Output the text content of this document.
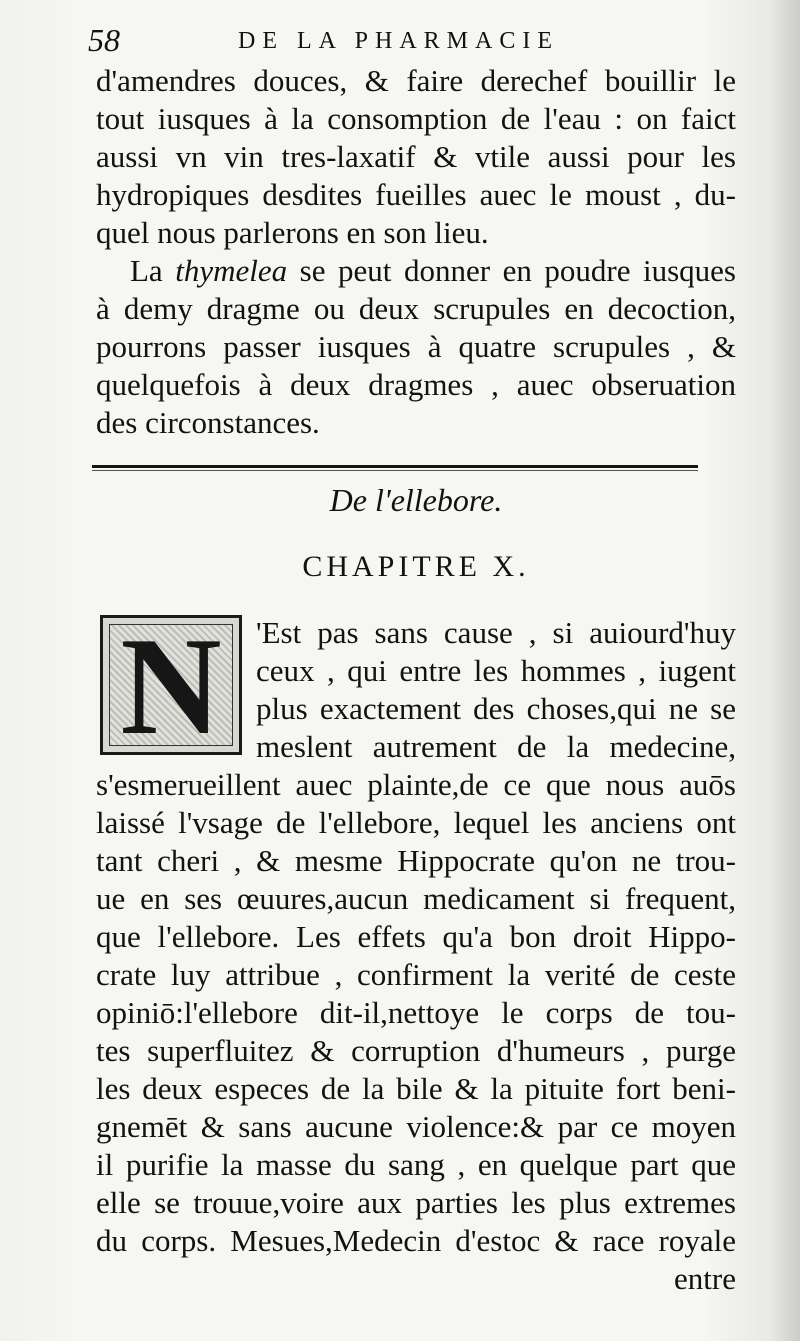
58	DE LA PHARMACIE
d'amendres douces, & faire derechef bouillir le
tout iusques à la consomption de l'eau : on faict
aussi vn vin tres-laxatif & vtile aussi pour les
hydropiques desdites fueilles auec le moust , du-
quel nous parlerons en son lieu.
La thymelea se peut donner en poudre iusques
à demy dragme ou deux scrupules en decoction,
pourrons passer iusques à quatre scrupules , &
quelquefois à deux dragmes , auec obseruation
des circonstances.
De l'ellebore.
CHAPITRE X.
N	'Est pas sans cause , si auiourd'huy
ceux , qui entre les hommes , iugent
plus exactement des choses,qui ne se
meslent autrement de la medecine,
s'esmerueillent auec plainte,de ce que nous auōs
laissé l'vsage de l'ellebore, lequel les anciens ont
tant cheri , & mesme Hippocrate qu'on ne trou-
ue en ses œuures,aucun medicament si frequent,
que l'ellebore. Les effets qu'a bon droit Hippo-
crate luy attribue , confirment la verité de ceste
opiniō:l'ellebore dit-il,nettoye le corps de tou-
tes superfluitez & corruption d'humeurs , purge
les deux especes de la bile & la pituite fort beni-
gnemēt & sans aucune violence:& par ce moyen
il purifie la masse du sang , en quelque part que
elle se trouue,voire aux parties les plus extremes
du corps. Mesues,Medecin d'estoc & race royale
entre
